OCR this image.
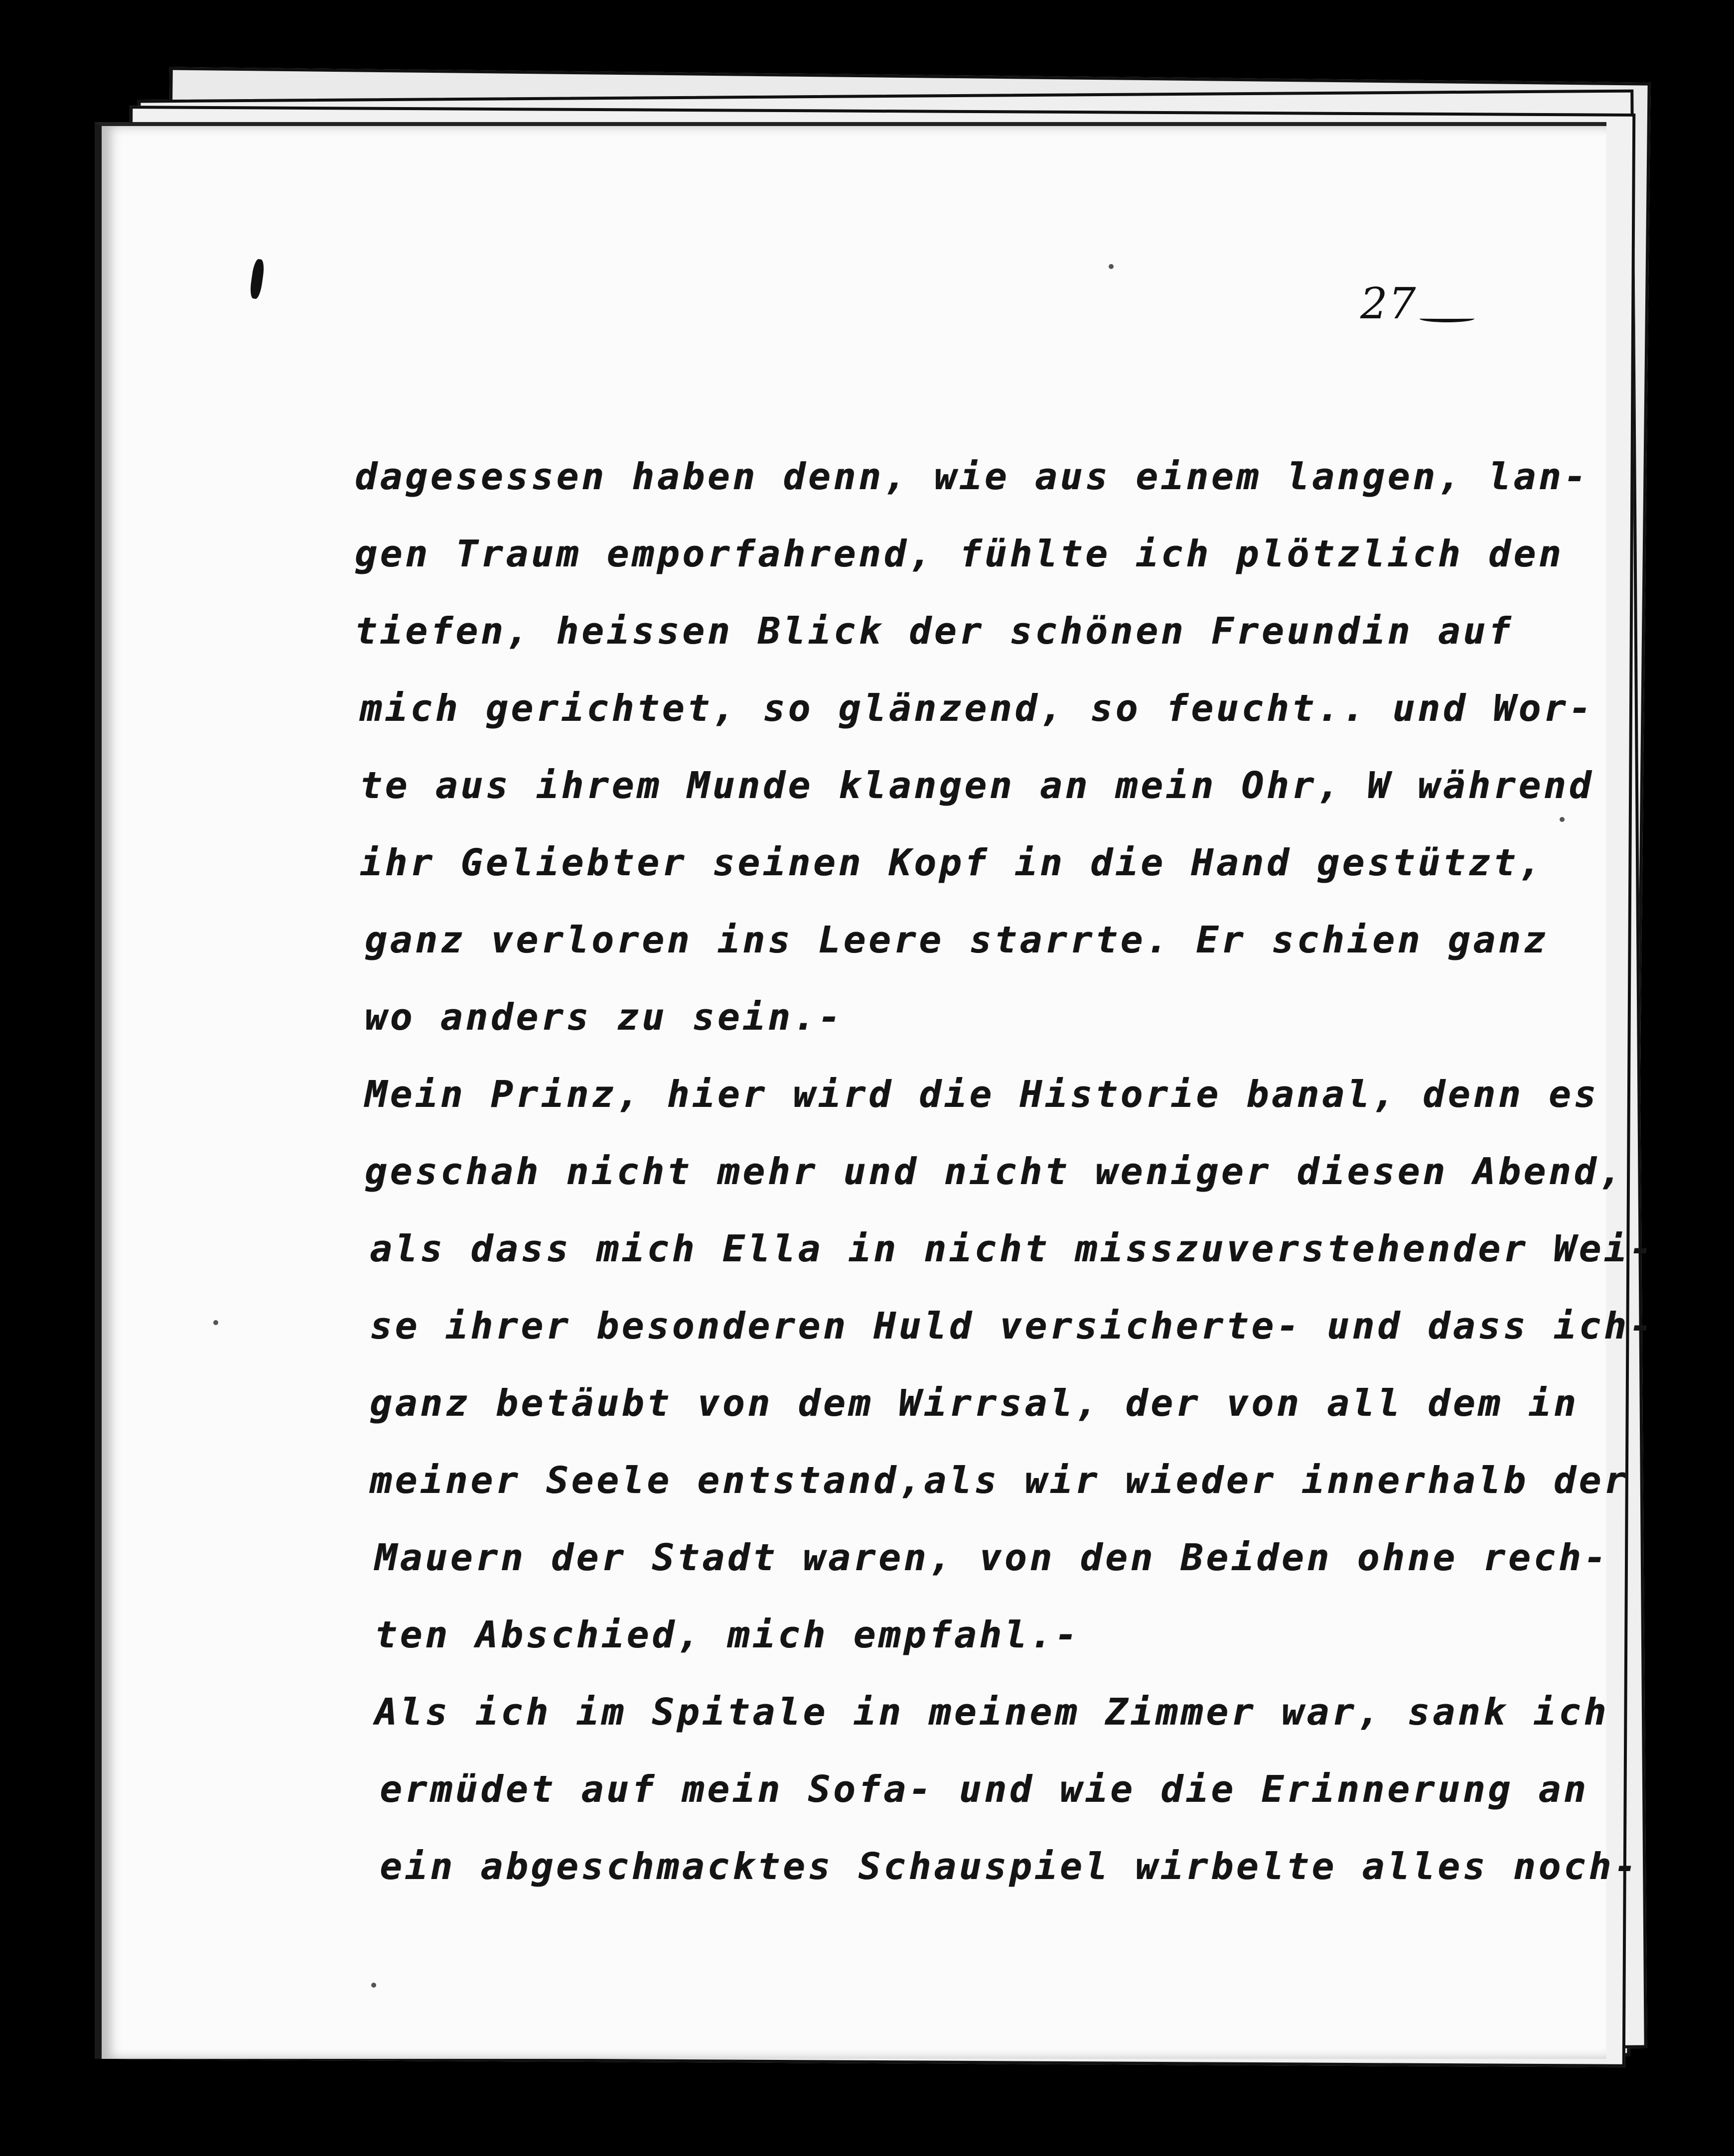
27
dagesessen haben denn, wie aus einem langen, lan-
gen Traum emporfahrend, fühlte ich plötzlich den
tiefen, heissen Blick der schönen Freundin auf
mich gerichtet, so glänzend, so feucht.. und Wor-
te aus ihrem Munde klangen an mein Ohr, W während
ihr Geliebter seinen Kopf in die Hand gestützt,
ganz verloren ins Leere starrte. Er schien ganz
wo anders zu sein.-
Mein Prinz, hier wird die Historie banal, denn es
geschah nicht mehr und nicht weniger diesen Abend,
als dass mich Ella in nicht misszuverstehender Wei-
se ihrer besonderen Huld versicherte- und dass ich-
ganz betäubt von dem Wirrsal, der von all dem in
meiner Seele entstand,als wir wieder innerhalb der
Mauern der Stadt waren, von den Beiden ohne rech-
ten Abschied, mich empfahl.-
Als ich im Spitale in meinem Zimmer war, sank ich
ermüdet auf mein Sofa- und wie die Erinnerung an
ein abgeschmacktes Schauspiel wirbelte alles noch-
